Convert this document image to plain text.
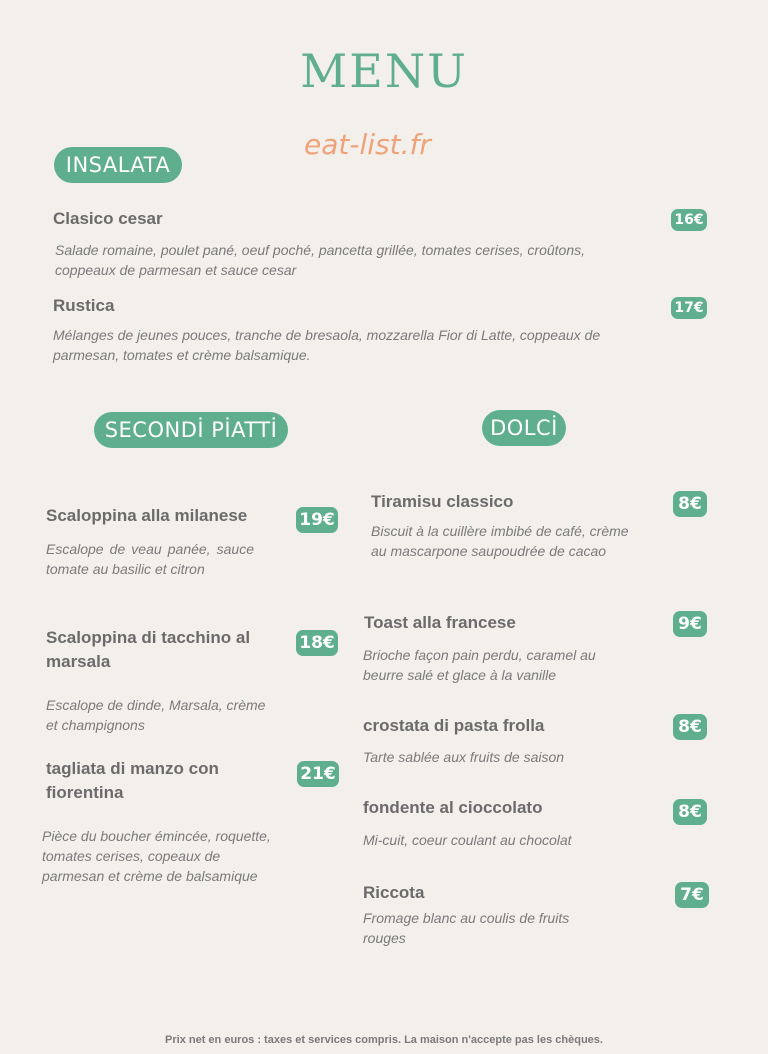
MENU
eat-list.fr
INSALATA
Clasico cesar	16€
Salade romaine, poulet pané, oeuf poché, pancetta grillée, tomates cerises, croûtons, coppeaux de parmesan et sauce cesar
Rustica	17€
Mélanges de jeunes pouces, tranche de bresaola, mozzarella Fior di Latte, coppeaux de parmesan, tomates et crème balsamique.
SECONDİ PİATTİ
Scaloppina alla milanese	19€
Escalope de veau panée, sauce tomate au basilic et citron
Scaloppina di tacchino al marsala
18€
Escalope de dinde, Marsala, crème et champignons
tagliata di manzo con fiorentina
21€
Pièce du boucher émincée, roquette, tomates cerises, copeaux de parmesan et crème de balsamique
DOLCİ
Tiramisu classico	8€
Biscuit à la cuillère imbibé de café, crème au mascarpone saupoudrée de cacao
Toast alla francese	9€
Brioche façon pain perdu, caramel au beurre salé et glace à la vanille
crostata di pasta frolla	8€
Tarte sablée aux fruits de saison
fondente al cioccolato	8€
Mi-cuit, coeur coulant au chocolat
Riccota	7€
Fromage blanc au coulis de fruits rouges
Prix net en euros : taxes et services compris. La maison n'accepte pas les chèques.
